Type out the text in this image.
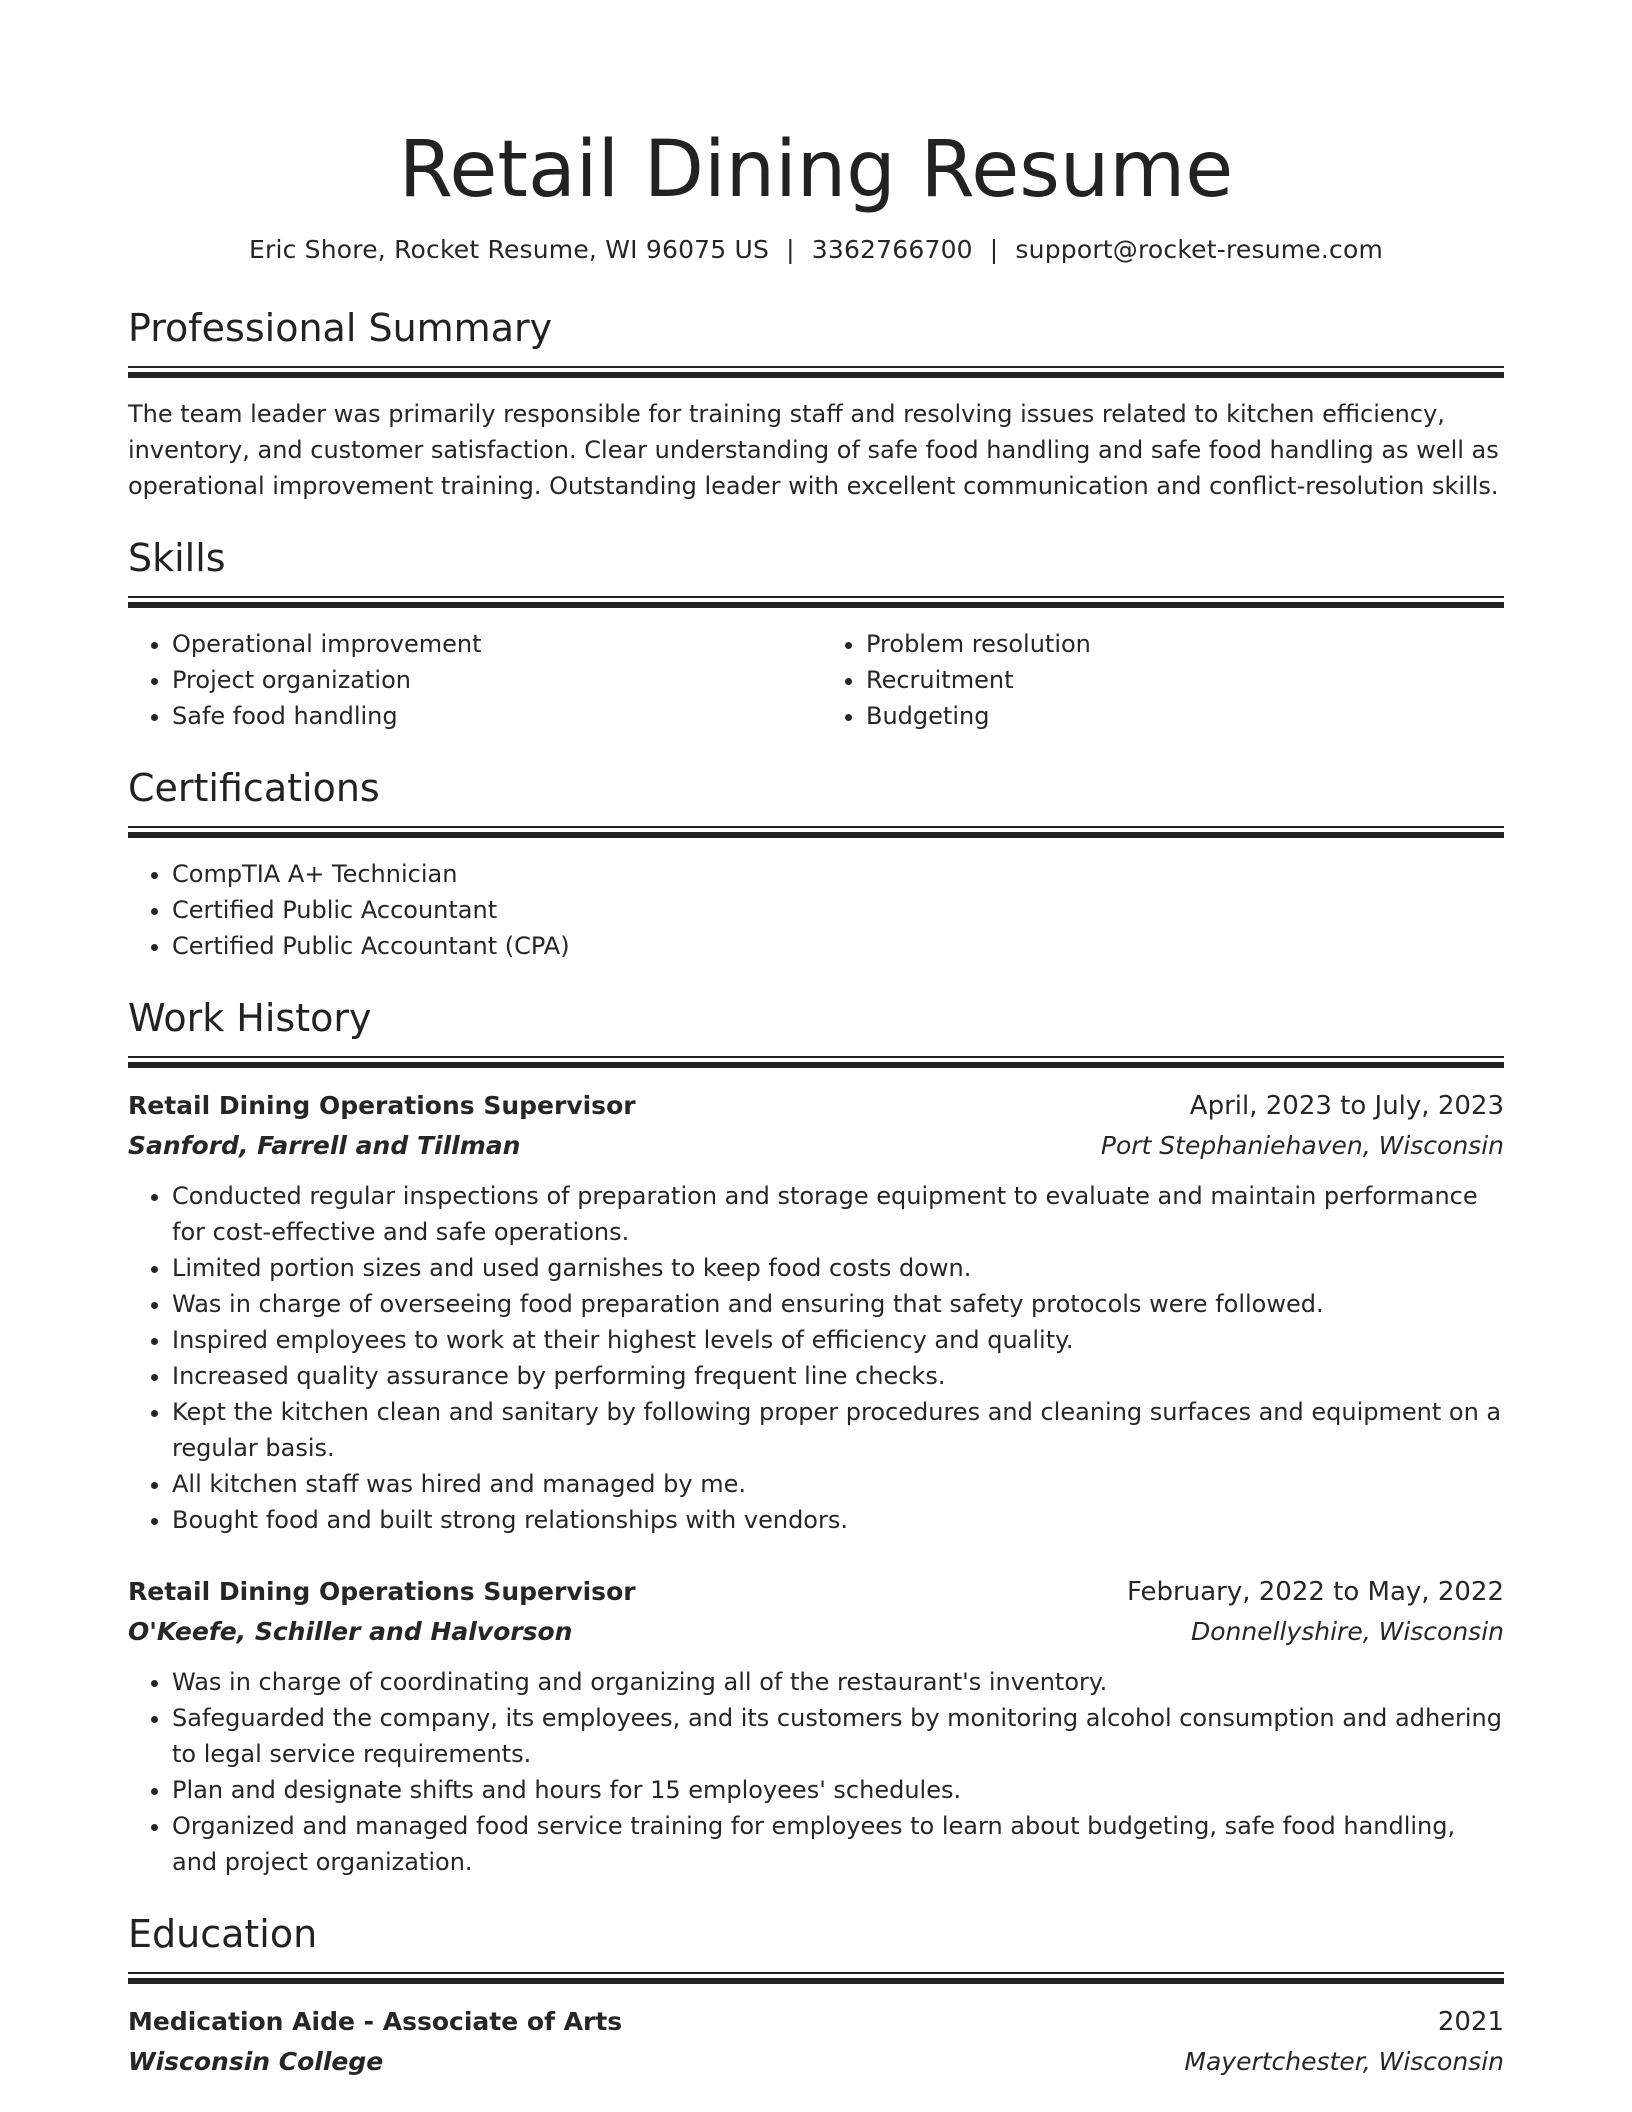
Retail Dining Resume
Eric Shore, Rocket Resume, WI 96075 US | 3362766700 | support@rocket-resume.com
Professional Summary

The team leader was primarily responsible for training staff and resolving issues related to kitchen efficiency, inventory, and customer satisfaction. Clear understanding of safe food handling and safe food handling as well as operational improvement training. Outstanding leader with excellent communication and conflict-resolution skills.

Skills
• Operational improvement
• Project organization
• Safe food handling
• Problem resolution
• Recruitment
• Budgeting
Certifications
• CompTIA A+ Technician
• Certified Public Accountant
• Certified Public Accountant (CPA)
Work History
Retail Dining Operations Supervisor	April, 2023 to July, 2023
Sanford, Farrell and Tillman	Port Stephaniehaven, Wisconsin
• Conducted regular inspections of preparation and storage equipment to evaluate and maintain performance for cost-effective and safe operations.
• Limited portion sizes and used garnishes to keep food costs down.
• Was in charge of overseeing food preparation and ensuring that safety protocols were followed.
• Inspired employees to work at their highest levels of efficiency and quality.
• Increased quality assurance by performing frequent line checks.
• Kept the kitchen clean and sanitary by following proper procedures and cleaning surfaces and equipment on a regular basis.
• All kitchen staff was hired and managed by me.
• Bought food and built strong relationships with vendors.
Retail Dining Operations Supervisor	February, 2022 to May, 2022
O'Keefe, Schiller and Halvorson	Donnellyshire, Wisconsin
• Was in charge of coordinating and organizing all of the restaurant's inventory.
• Safeguarded the company, its employees, and its customers by monitoring alcohol consumption and adhering to legal service requirements.
• Plan and designate shifts and hours for 15 employees' schedules.
• Organized and managed food service training for employees to learn about budgeting, safe food handling, and project organization.
Education
Medication Aide - Associate of Arts	2021
Wisconsin College	Mayertchester, Wisconsin
